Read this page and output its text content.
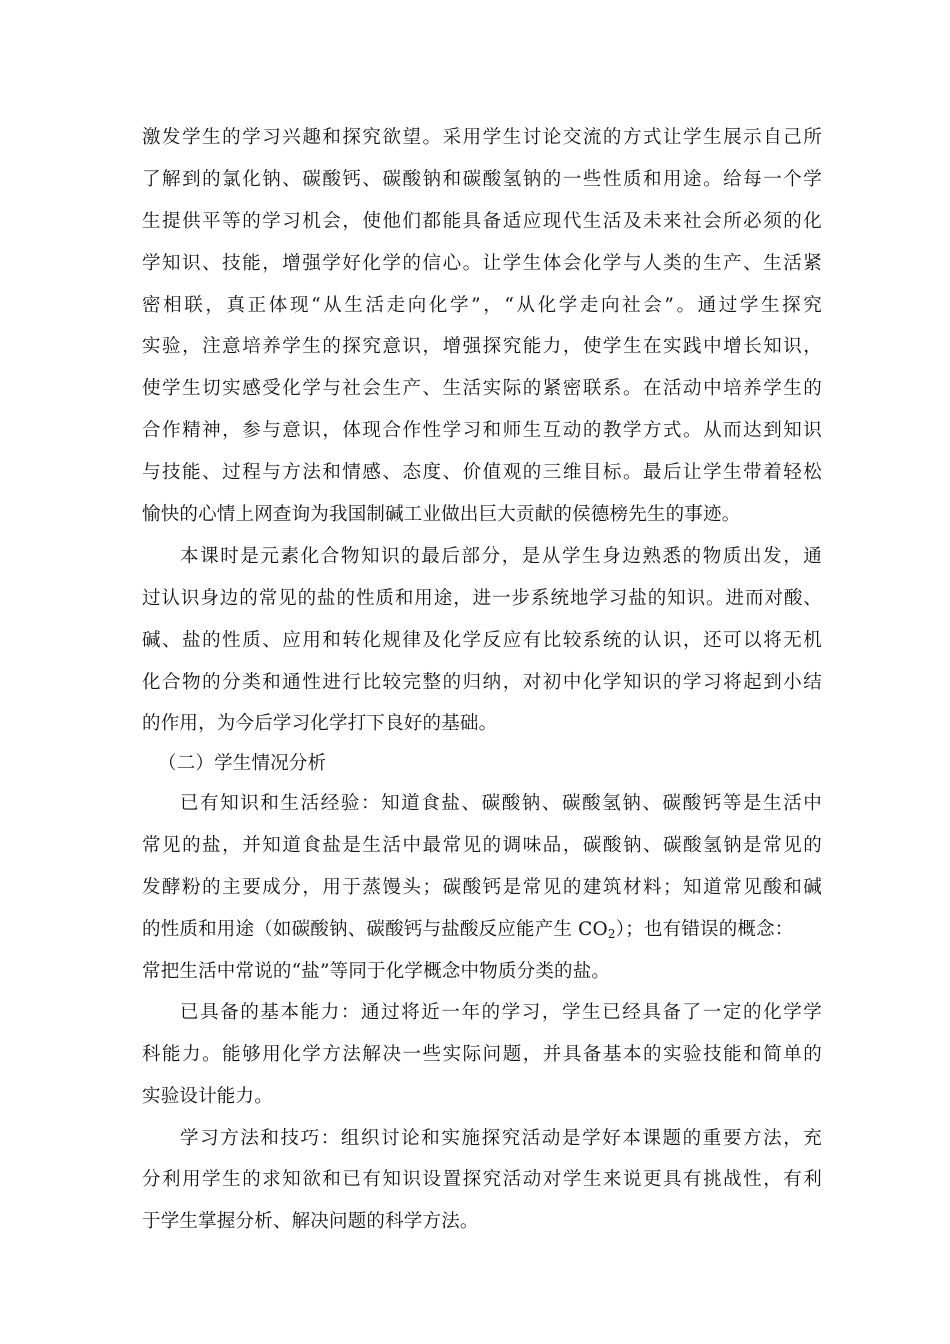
激发学生的学习兴趣和探究欲望。采用学生讨论交流的方式让学生展示自己所
了解到的氯化钠、碳酸钙、碳酸钠和碳酸氢钠的一些性质和用途。给每一个学
生提供平等的学习机会，使他们都能具备适应现代生活及未来社会所必须的化
学知识、技能，增强学好化学的信心。让学生体会化学与人类的生产、生活紧
密相联，真正体现“从生活走向化学”，“从化学走向社会”。通过学生探究
实验，注意培养学生的探究意识，增强探究能力，使学生在实践中增长知识，
使学生切实感受化学与社会生产、生活实际的紧密联系。在活动中培养学生的
合作精神，参与意识，体现合作性学习和师生互动的教学方式。从而达到知识
与技能、过程与方法和情感、态度、价值观的三维目标。最后让学生带着轻松
愉快的心情上网查询为我国制碱工业做出巨大贡献的侯德榜先生的事迹。
本课时是元素化合物知识的最后部分，是从学生身边熟悉的物质出发，通
过认识身边的常见的盐的性质和用途，进一步系统地学习盐的知识。进而对酸、
碱、盐的性质、应用和转化规律及化学反应有比较系统的认识，还可以将无机
化合物的分类和通性进行比较完整的归纳，对初中化学知识的学习将起到小结
的作用，为今后学习化学打下良好的基础。
（二）学生情况分析
已有知识和生活经验：知道食盐、碳酸钠、碳酸氢钠、碳酸钙等是生活中
常见的盐，并知道食盐是生活中最常见的调味品，碳酸钠、碳酸氢钠是常见的
发酵粉的主要成分，用于蒸馒头；碳酸钙是常见的建筑材料；知道常见酸和碱
的性质和用途（如碳酸钠、碳酸钙与盐酸反应能产生 $CO_2$）；也有错误的概念：
常把生活中常说的“盐”等同于化学概念中物质分类的盐。
已具备的基本能力：通过将近一年的学习，学生已经具备了一定的化学学
科能力。能够用化学方法解决一些实际问题，并具备基本的实验技能和简单的
实验设计能力。
学习方法和技巧：组织讨论和实施探究活动是学好本课题的重要方法，充
分利用学生的求知欲和已有知识设置探究活动对学生来说更具有挑战性，有利
于学生掌握分析、解决问题的科学方法。
